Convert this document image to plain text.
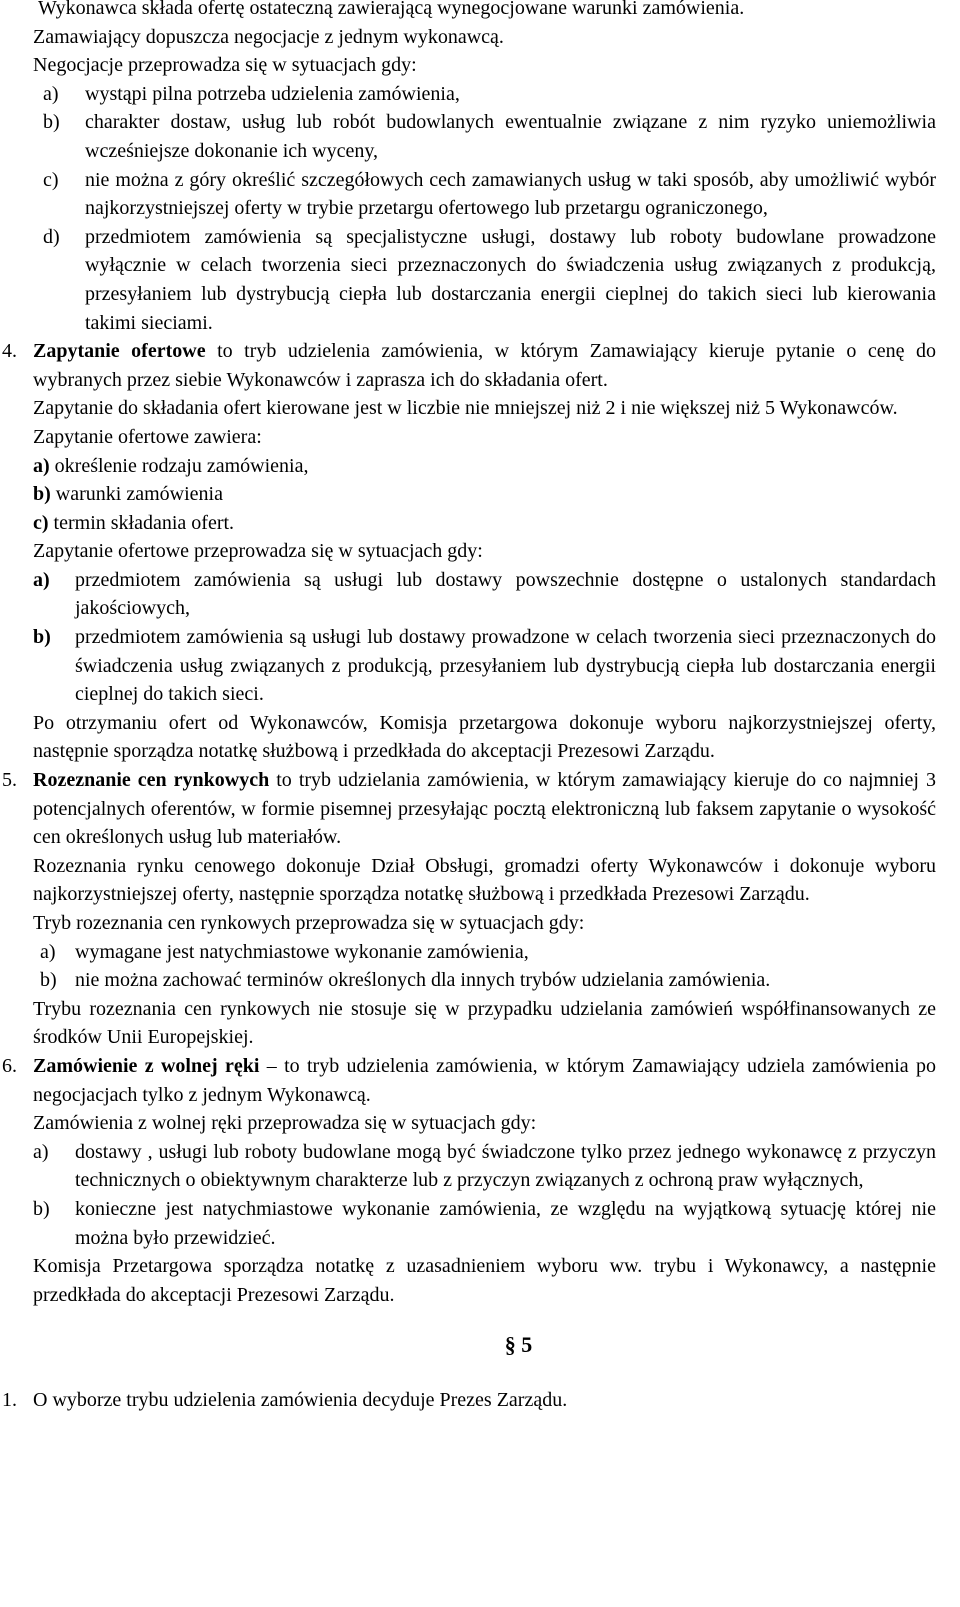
Wykonawca składa ofertę ostateczną zawierającą wynegocjowane warunki zamówienia.

Zamawiający dopuszcza negocjacje z jednym wykonawcą.

Negocjacje przeprowadza się w sytuacjach gdy:

a) wystąpi pilna potrzeba udzielenia zamówienia,

b) charakter dostaw, usług lub robót budowlanych ewentualnie związane z nim ryzyko uniemożliwia wcześniejsze dokonanie ich wyceny,

c) nie można z góry określić szczegółowych cech zamawianych usług w taki sposób, aby umożliwić wybór najkorzystniejszej oferty w trybie przetargu ofertowego lub przetargu ograniczonego,

d) przedmiotem zamówienia są specjalistyczne usługi, dostawy lub roboty budowlane prowadzone wyłącznie w celach tworzenia sieci przeznaczonych do świadczenia usług związanych z produkcją, przesyłaniem lub dystrybucją ciepła lub dostarczania energii cieplnej do takich sieci lub kierowania takimi sieciami.

4. Zapytanie ofertowe to tryb udzielenia zamówienia, w którym Zamawiający kieruje pytanie o cenę do wybranych przez siebie Wykonawców i zaprasza ich do składania ofert.

Zapytanie do składania ofert kierowane jest w liczbie nie mniejszej niż 2 i nie większej niż 5 Wykonawców.

Zapytanie ofertowe zawiera:

a) określenie rodzaju zamówienia,

b) warunki zamówienia

c) termin składania ofert.

Zapytanie ofertowe przeprowadza się w sytuacjach gdy:

a) przedmiotem zamówienia są usługi lub dostawy powszechnie dostępne o ustalonych standardach jakościowych,

b) przedmiotem zamówienia są usługi lub dostawy prowadzone w celach tworzenia sieci przeznaczonych do świadczenia usług związanych z produkcją, przesyłaniem lub dystrybucją ciepła lub dostarczania energii cieplnej do takich sieci.

Po otrzymaniu ofert od Wykonawców, Komisja przetargowa dokonuje wyboru najkorzystniejszej oferty, następnie sporządza notatkę służbową i przedkłada do akceptacji Prezesowi Zarządu.

5. Rozeznanie cen rynkowych to tryb udzielania zamówienia, w którym zamawiający kieruje do co najmniej 3 potencjalnych oferentów, w formie pisemnej przesyłając pocztą elektroniczną lub faksem zapytanie o wysokość cen określonych usług lub materiałów.

Rozeznania rynku cenowego dokonuje Dział Obsługi, gromadzi oferty Wykonawców i dokonuje wyboru najkorzystniejszej oferty, następnie sporządza notatkę służbową i przedkłada Prezesowi Zarządu.

Tryb rozeznania cen rynkowych przeprowadza się w sytuacjach gdy:

a) wymagane jest natychmiastowe wykonanie zamówienia,

b) nie można zachować terminów określonych dla innych trybów udzielania zamówienia.

Trybu rozeznania cen rynkowych nie stosuje się w przypadku udzielania zamówień współfinansowanych ze środków Unii Europejskiej.

6. Zamówienie z wolnej ręki – to tryb udzielenia zamówienia, w którym Zamawiający udziela zamówienia po negocjacjach tylko z jednym Wykonawcą.

Zamówienia z wolnej ręki przeprowadza się w sytuacjach gdy:

a) dostawy , usługi lub roboty budowlane mogą być świadczone tylko przez jednego wykonawcę z przyczyn technicznych o obiektywnym charakterze lub z przyczyn związanych z ochroną praw wyłącznych,

b) konieczne jest natychmiastowe wykonanie zamówienia, ze względu na wyjątkową sytuację której nie można było przewidzieć.

Komisja Przetargowa sporządza notatkę z uzasadnieniem wyboru ww. trybu i Wykonawcy, a następnie przedkłada do akceptacji Prezesowi Zarządu.

§ 5

1. O wyborze trybu udzielenia zamówienia decyduje Prezes Zarządu.
